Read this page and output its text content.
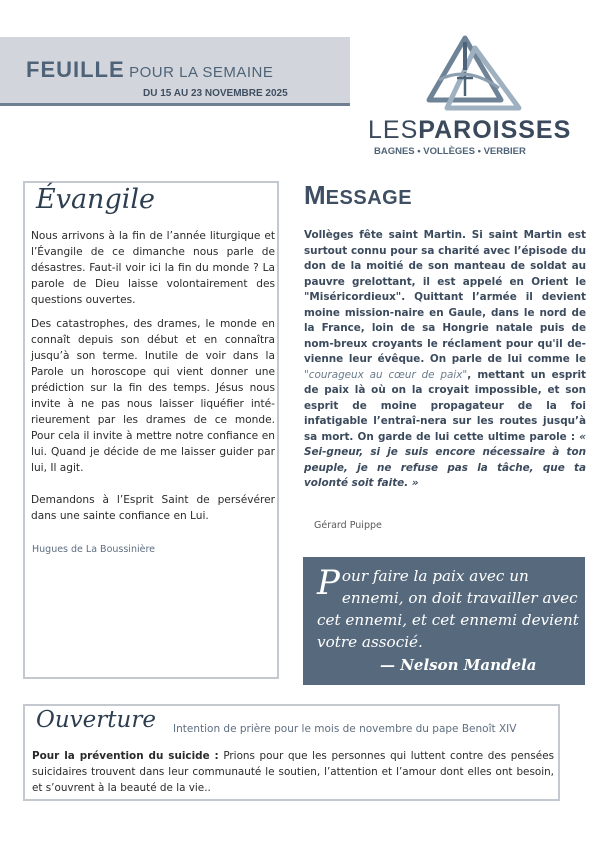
FEUILLE POUR LA SEMAINE
DU 15 AU 23 NOVEMBRE 2025
LESPAROISSES
BAGNES • VOLLÈGES • VERBIER
Évangile
Nous arrivons à la fin de l’année liturgique et l’Évangile de ce dimanche nous parle de désastres. Faut-il voir ici la fin du monde ? La parole de Dieu laisse volontairement des questions ouvertes.
Des catastrophes, des drames, le monde en connaît depuis son début et en connaîtra jusqu’à son terme. Inutile de voir dans la Parole un horoscope qui vient donner une prédiction sur la fin des temps. Jésus nous invite à ne pas nous laisser liquéfier inté-rieurement par les drames de ce monde. Pour cela il invite à mettre notre confiance en lui. Quand je décide de me laisser guider par lui, Il agit.
Demandons à l’Esprit Saint de persévérer dans une sainte confiance en Lui.
Hugues de La Boussinière
MESSAGE
Vollèges fête saint Martin. Si saint Martin est surtout connu pour sa charité avec l’épisode du don de la moitié de son manteau de soldat au pauvre grelottant, il est appelé en Orient le "Miséricordieux". Quittant l’armée il devient moine mission-naire en Gaule, dans le nord de la France, loin de sa Hongrie natale puis de nom-breux croyants le réclament pour qu'il de-vienne leur évêque. On parle de lui comme le "courageux au cœur de paix", mettant un esprit de paix là où on la croyait impossible, et son esprit de moine propagateur de la foi infatigable l’entraî-nera sur les routes jusqu’à sa mort. On garde de lui cette ultime parole : « Sei-gneur, si je suis encore nécessaire à ton peuple, je ne refuse pas la tâche, que ta volonté soit faite. »
Gérard Puippe
Pour faire la paix avec un ennemi, on doit travailler avec cet ennemi, et cet ennemi devient votre associé.
— Nelson Mandela
Ouverture Intention de prière pour le mois de novembre du pape Benoît XIV
Pour la prévention du suicide : Prions pour que les personnes qui luttent contre des pensées suicidaires trouvent dans leur communauté le soutien, l’attention et l’amour dont elles ont besoin, et s’ouvrent à la beauté de la vie..
